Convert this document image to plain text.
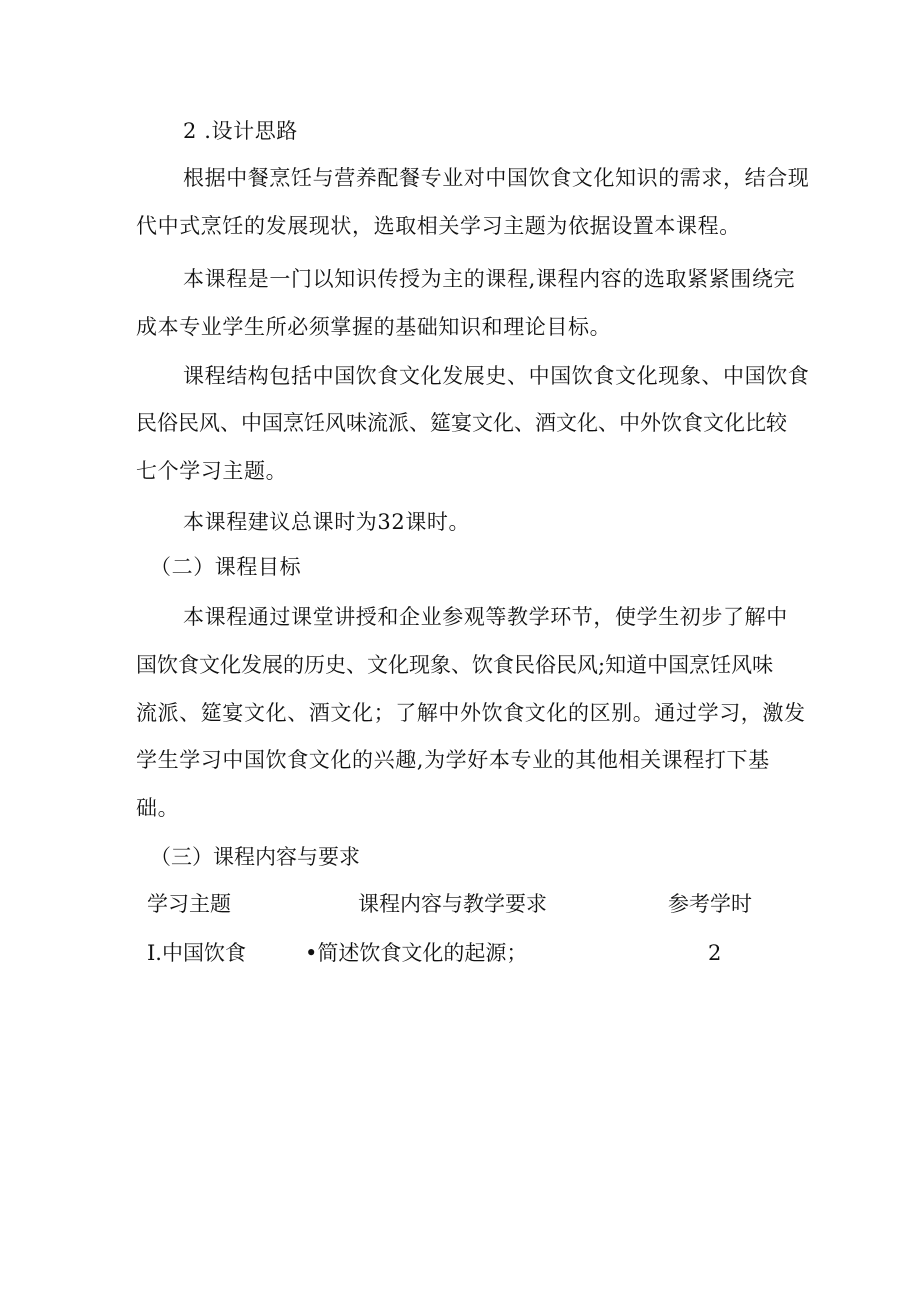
2 .设计思路
根据中餐烹饪与营养配餐专业对中国饮食文化知识的需求，结合现
代中式烹饪的发展现状，选取相关学习主题为依据设置本课程。
本课程是一门以知识传授为主的课程,课程内容的选取紧紧围绕完
成本专业学生所必须掌握的基础知识和理论目标。
课程结构包括中国饮食文化发展史、中国饮食文化现象、中国饮食
民俗民风、中国烹饪风味流派、筵宴文化、酒文化、中外饮食文化比较
七个学习主题。
本课程建议总课时为32课时。
（二）课程目标
本课程通过课堂讲授和企业参观等教学环节，使学生初步了解中
国饮食文化发展的历史、文化现象、饮食民俗民风;知道中国烹饪风味
流派、筵宴文化、酒文化；了解中外饮食文化的区别。通过学习，激发
学生学习中国饮食文化的兴趣,为学好本专业的其他相关课程打下基
础。
（三）课程内容与要求
学习主题	课程内容与教学要求	参考学时
I.中国饮食	•简述饮食文化的起源；	2
